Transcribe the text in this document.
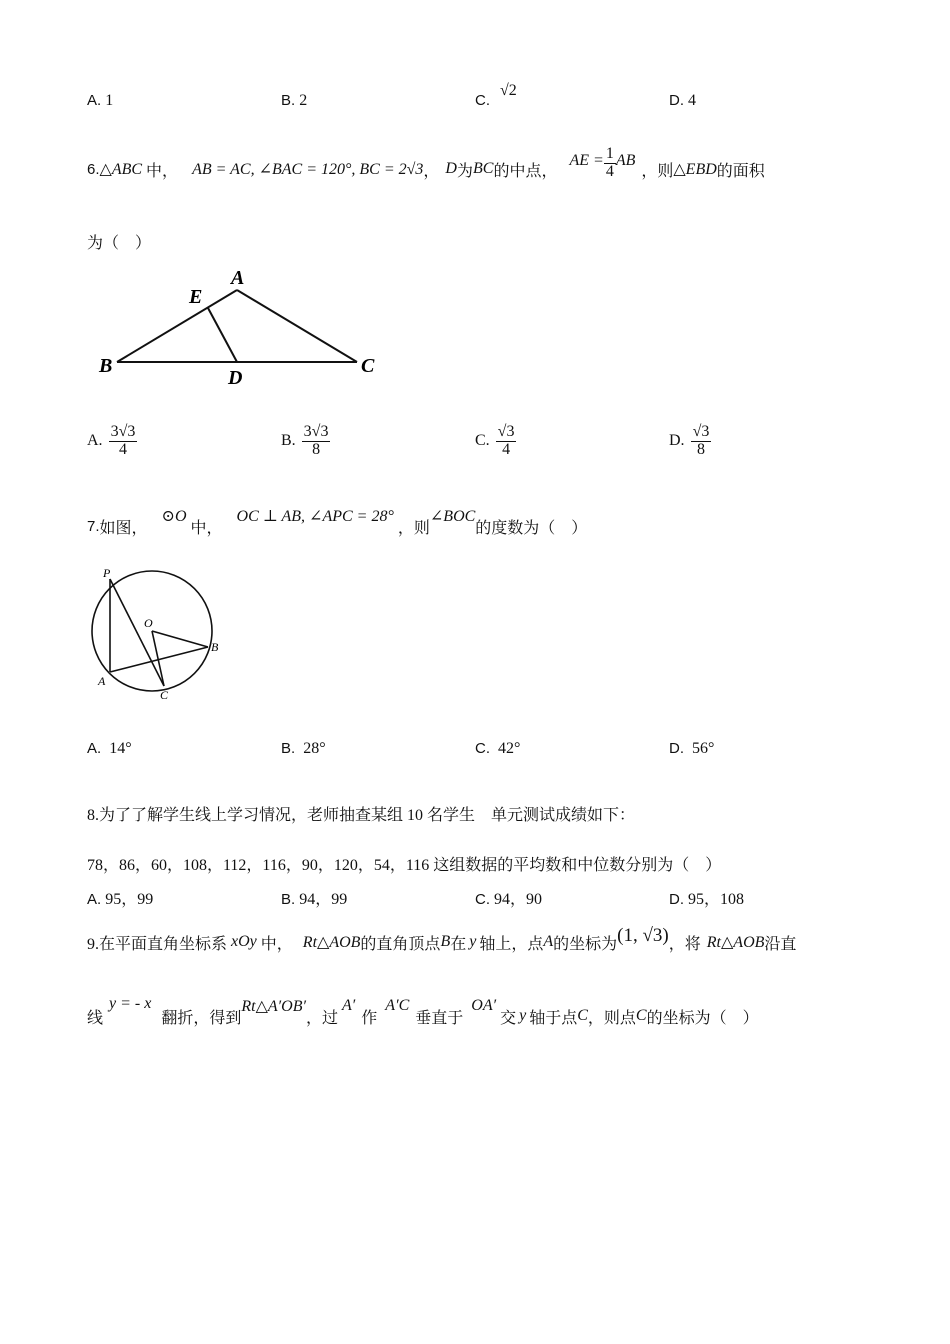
A. 1	B. 2	C. √2
D. 4
6. △ABC 中， AB = AC, ∠BAC = 120°, BC = 2√3 ， D 为 BC 的中点，
AE = $\frac{1}{4}$ AB
，则 △EBD 的面积
为（　）
A
E
B
D
C
A. $\frac{3√3}{4}$	B. $\frac{3√3}{8}$	C. $\frac{√3}{4}$	D. $\frac{√3}{8}$
7. 如图，
⊙O
中，
OC ⊥ AB, ∠APC = 28°
，则
∠BOC
的度数为（　）
P
O
A
B
C
A. 14°	B. 28°	C. 42°	D. 56°
8.为了了解学生线上学习情况，老师抽查某组 10 名学生　单元测试成绩如下：
78，86，60，108，112，116，90，120，54，116 这组数据的平均数和中位数分别为（　）
A. 95，99	B. 94，99	C. 94，90	D. 95，108
9.在平面直角坐标系 xOy 中， Rt△AOB 的直角顶点 B 在 y 轴上，点 A 的坐标为 (1, √3) ，将 Rt△AOB 沿直
线
y = - x
翻折，得到
Rt△A′OB′
，过
A′
作
A′C
垂直于
OA′
交 y 轴于点 C ，则点 C 的坐标为（　）
